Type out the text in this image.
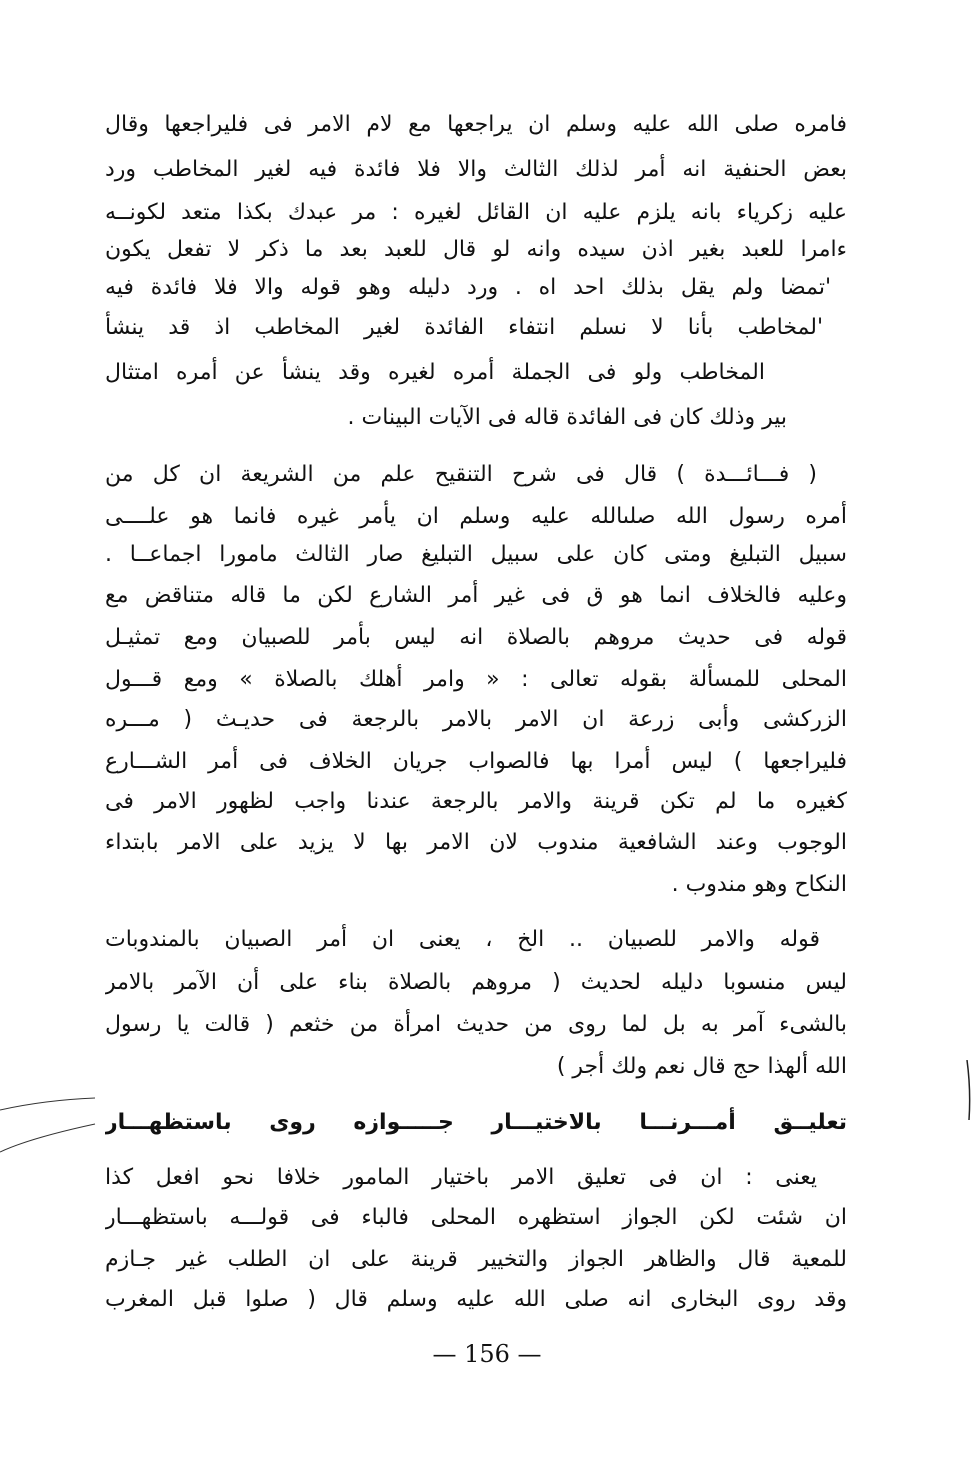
فامره صلى الله عليه وسلم ان يراجعها مع لام الامر فى فليراجعها وقال
بعض الحنفية انه أمر لذلك الثالث والا فلا فائدة فيه لغير المخاطب ورد
عليه زكرياء بانه يلزم عليه ان القائل لغيره : مر عبدك بكذا متعد لكونــه
ءامرا للعبد بغير اذن سيده وانه لو قال للعبد بعد ما ذكر لا تفعل يكون
'تمضا ولم يقل بذلك احد اه . ورد دليله وهو قوله والا فلا فائدة فيه
'لمخاطب بأنا لا نسلم انتفاء الفائدة لغير المخاطب اذ قد ينشأ
المخاطب ولو فى الجملة أمره لغيره وقد ينشأ عن أمره امتثال
بير وذلك كان فى الفائدة قاله فى الآيات البينات .
( فـــائـــدة ) قال فى شرح التنقيح علم من الشريعة ان كل من
أمره رسول الله صلىالله عليه وسلم ان يأمر غيره فانما هو علــــى
سبيل التبليغ ومتى كان على سبيل التبليغ صار الثالث مامورا اجماعــا .
وعليه فالخلاف انما هو ق فى غير أمر الشارع لكن ما قاله متناقض مع
قوله فى حديث مروهم بالصلاة انه ليس بأمر للصبيان ومع تمثيـل
المحلى للمسألة بقوله تعالى : « وامر أهلك بالصلاة » ومع قـــول
الزركشى وأبى زرعة ان الامر بالامر بالرجعة فى حديـث ( مـــره
فليراجعها ) ليس أمرا بها فالصواب جريان الخلاف فى أمر الشـــارع
كغيره ما لم تكن قرينة والامر بالرجعة عندنا واجب لظهور الامر فى
الوجوب وعند الشافعية مندوب لان الامر بها لا يزيد على الامر بابتداء
النكاح وهو مندوب .
قوله والامر للصبيان .. الخ ، يعنى ان أمر الصبيان بالمندوبات
ليس منسوبا دليله لحديث ( مروهم بالصلاة بناء على أن الآمر بالامر
بالشىء آمر به بل لما روى من حديث امرأة من خثعم ( قالت يا رسول
الله ألهذا حج قال نعم ولك أجر )
تعليــق أمـــرنـــا بالاختيـــار جـــــوازه روى باستظهـــار
يعنى : ان فى تعليق الامر باختيار المامور خلافا نحو افعل كذا
ان شئت لكن الجواز استظهره المحلى فالباء فى قولـــه باستظهـــار
للمعية قال والظاهر الجواز والتخيير قرينة على ان الطلب غير جـازم
وقد روى البخارى انه صلى الله عليه وسلم قال ( صلوا قبل المغرب
— 156 —
